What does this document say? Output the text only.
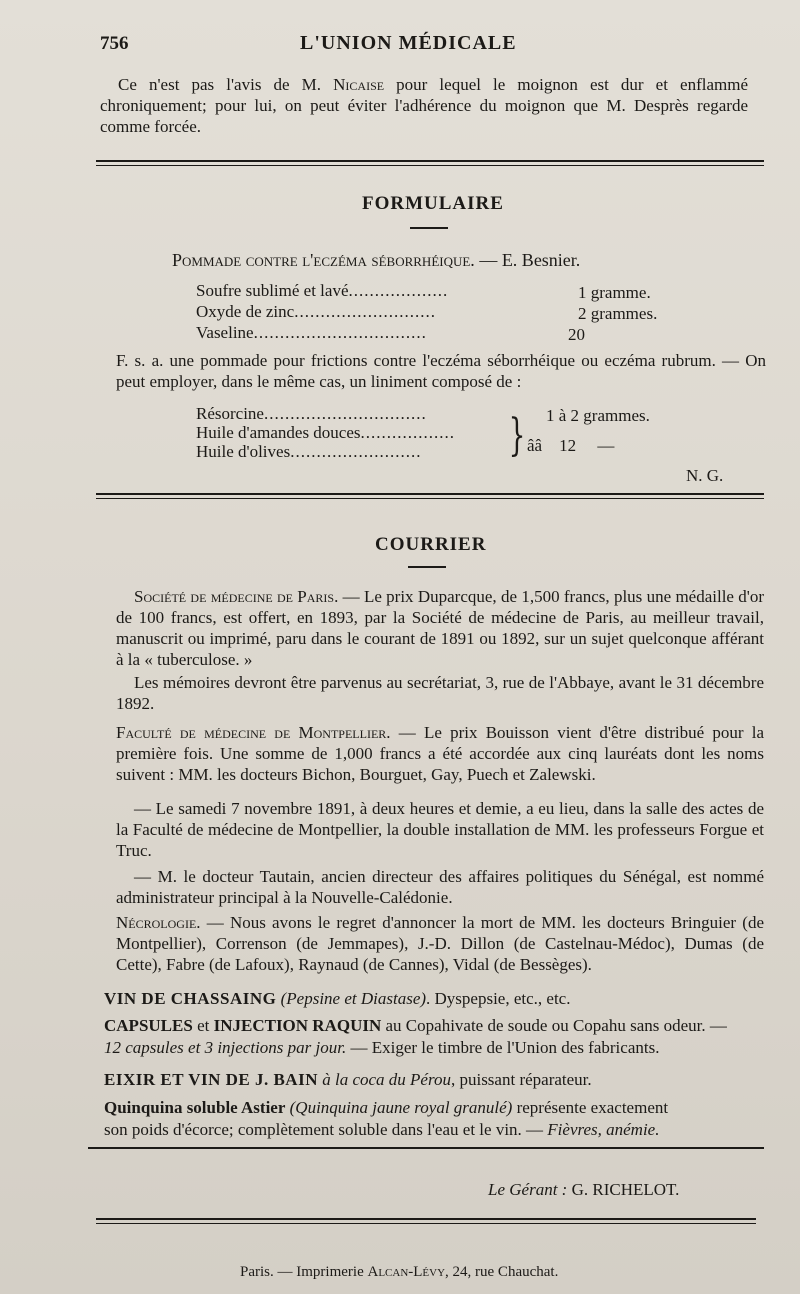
756	L'UNION MÉDICALE
Ce n'est pas l'avis de M. Nicaise pour lequel le moignon est dur et enflammé chroniquement; pour lui, on peut éviter l'adhérence du moignon que M. Desprès regarde comme forcée.
FORMULAIRE
Pommade contre l'eczéma séborrhéique. — E. Besnier.
Soufre sublimé et lavé...................	1 gramme.
Oxyde de zinc...........................	2 grammes.
Vaseline.................................	20
F. s. a. une pommade pour frictions contre l'eczéma séborrhéique ou eczéma rubrum. — On peut employer, dans le même cas, un liniment composé de :
Résorcine...............................	1 à 2 grammes.
Huile d'amandes douces..................
Huile d'olives......................... } ââ    12     —
N. G.
COURRIER
Société de médecine de Paris. — Le prix Duparcque, de 1,500 francs, plus une médaille d'or de 100 francs, est offert, en 1893, par la Société de médecine de Paris, au meilleur travail, manuscrit ou imprimé, paru dans le courant de 1891 ou 1892, sur un sujet quelconque afférant à la « tuberculose. »
Les mémoires devront être parvenus au secrétariat, 3, rue de l'Abbaye, avant le 31 décembre 1892.
Faculté de médecine de Montpellier. — Le prix Bouisson vient d'être distribué pour la première fois. Une somme de 1,000 francs a été accordée aux cinq lauréats dont les noms suivent : MM. les docteurs Bichon, Bourguet, Gay, Puech et Zalewski.
— Le samedi 7 novembre 1891, à deux heures et demie, a eu lieu, dans la salle des actes de la Faculté de médecine de Montpellier, la double installation de MM. les professeurs Forgue et Truc.
— M. le docteur Tautain, ancien directeur des affaires politiques du Sénégal, est nommé administrateur principal à la Nouvelle-Calédonie.
Nécrologie. — Nous avons le regret d'annoncer la mort de MM. les docteurs Bringuier (de Montpellier), Correnson (de Jemmapes), J.-D. Dillon (de Castelnau-Médoc), Dumas (de Cette), Fabre (de Lafoux), Raynaud (de Cannes), Vidal (de Bessèges).
VIN DE CHASSAING (Pepsine et Diastase). Dyspepsie, etc., etc.
CAPSULES et INJECTION RAQUIN au Copahivate de soude ou Copahu sans odeur. —
12 capsules et 3 injections par jour. — Exiger le timbre de l'Union des fabricants.
EIXIR ET VIN DE J. BAIN à la coca du Pérou, puissant réparateur.
Quinquina soluble Astier (Quinquina jaune royal granulé) représente exactement
son poids d'écorce; complètement soluble dans l'eau et le vin. — Fièvres, anémie.
Le Gérant : G. RICHELOT.
Paris. — Imprimerie Alcan-Lévy, 24, rue Chauchat.
